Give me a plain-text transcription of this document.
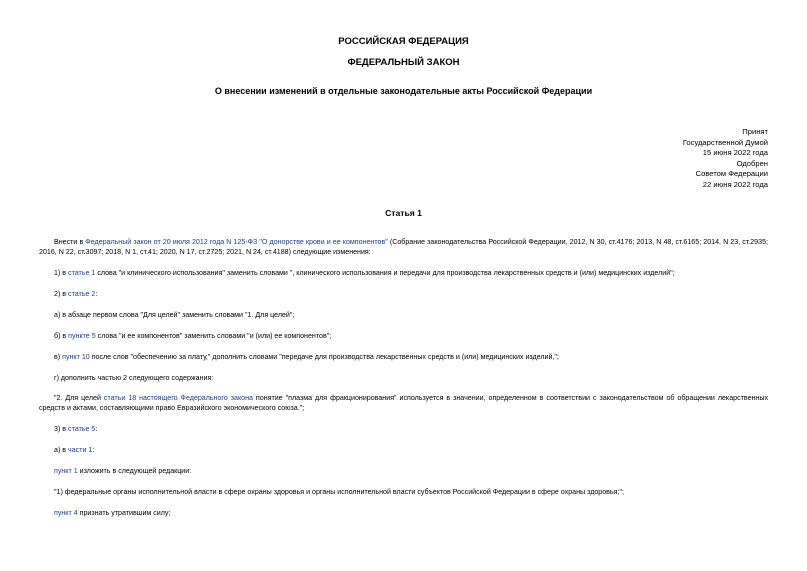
РОССИЙСКАЯ ФЕДЕРАЦИЯ
ФЕДЕРАЛЬНЫЙ ЗАКОН
О внесении изменений в отдельные законодательные акты Российской Федерации
Принят
Государственной Думой
15 июня 2022 года
Одобрен
Советом Федерации
22 июня 2022 года
Статья 1
Внести в Федеральный закон от 20 июля 2012 года N 125-ФЗ "О донорстве крови и ее компонентов" (Собрание законодательства Российской Федерации, 2012, N 30, ст.4176; 2013, N 48, ст.6165; 2014, N 23, ст.2935; 2016, N 22, ст.3097; 2018, N 1, ст.41; 2020, N 17, ст.2725; 2021, N 24, ст.4188) следующие изменения:
1) в статье 1 слова "и клинического использования" заменить словами ", клинического использования и передачи для производства лекарственных средств и (или) медицинских изделий";
2) в статье 2:
а) в абзаце первом слова "Для целей" заменить словами "1. Для целей";
б) в пункте 5 слова "и ее компонентов" заменить словами "и (или) ее компонентов";
в) пункт 10 после слов "обеспечению за плату," дополнить словами "передаче для производства лекарственных средств и (или) медицинских изделий,";
г) дополнить частью 2 следующего содержания:
"2. Для целей статьи 18 настоящего Федерального закона понятие "плазма для фракционирования" используется в значении, определенном в соответствии с законодательством об обращении лекарственных средств и актами, составляющими право Евразийского экономического союза.";
3) в статье 5:
а) в части 1:
пункт 1 изложить в следующей редакции:
"1) федеральные органы исполнительной власти в сфере охраны здоровья и органы исполнительной власти субъектов Российской Федерации в сфере охраны здоровья;";
пункт 4 признать утратившим силу;
